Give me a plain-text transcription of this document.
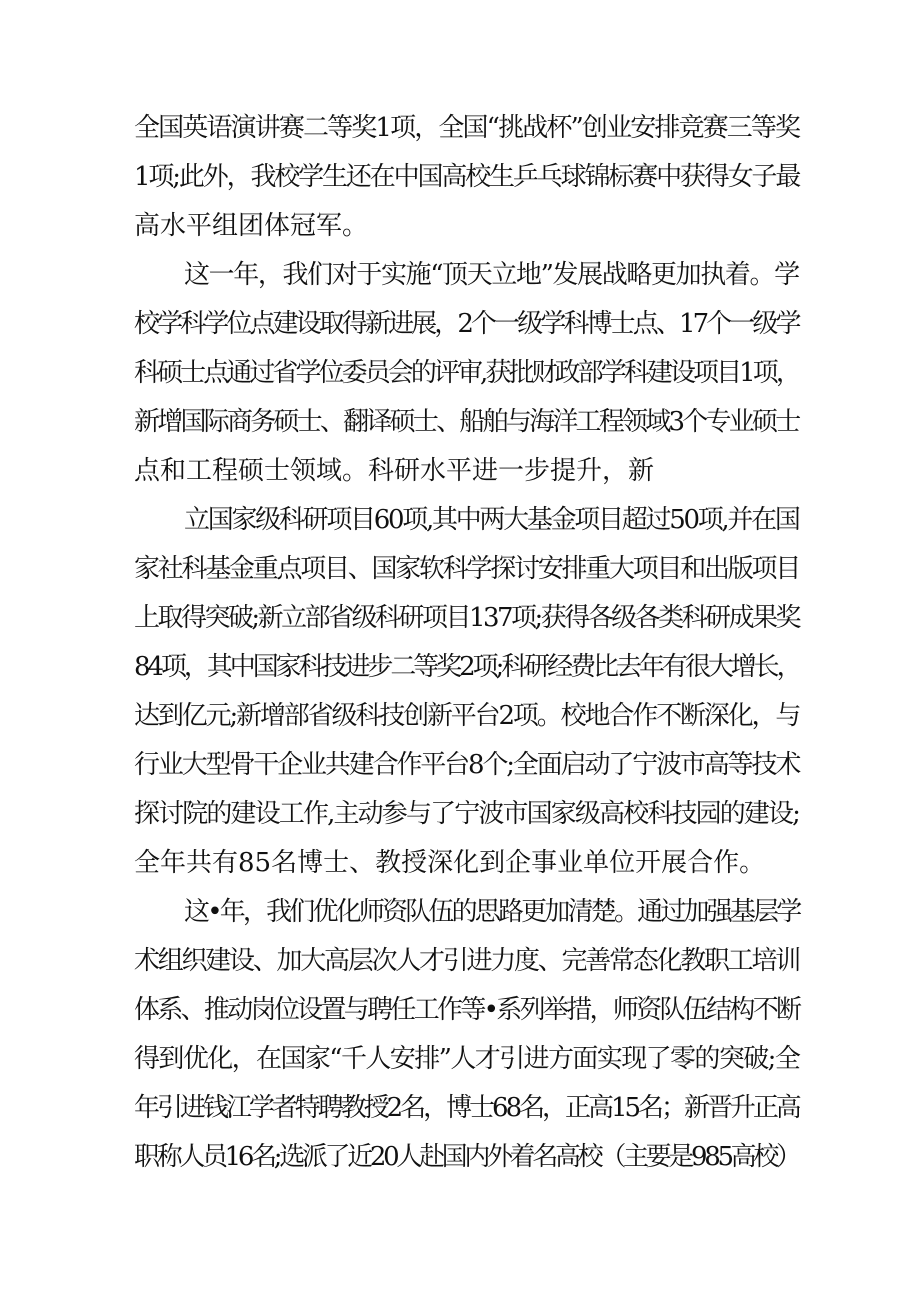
全国英语演讲赛二等奖1项，全国“挑战杯”创业安排竞赛三等奖
1项;此外，我校学生还在中国高校生乒乓球锦标赛中获得女子最
高水平组团体冠军。
这一年，我们对于实施“顶天立地”发展战略更加执着。学
校学科学位点建设取得新进展，2个一级学科博士点、17个一级学
科硕士点通过省学位委员会的评审,获批财政部学科建设项目1项，
新增国际商务硕士、翻译硕士、船舶与海洋工程领域3个专业硕士
点和工程硕士领域。科研水平进一步提升，新
立国家级科研项目60项,其中两大基金项目超过50项,并在国
家社科基金重点项目、国家软科学探讨安排重大项目和出版项目
上取得突破;新立部省级科研项目137项;获得各级各类科研成果奖
84项，其中国家科技进步二等奖2项;科研经费比去年有很大增长，
达到亿元;新增部省级科技创新平台2项。校地合作不断深化，与
行业大型骨干企业共建合作平台8个;全面启动了宁波市高等技术
探讨院的建设工作,主动参与了宁波市国家级高校科技园的建设;
全年共有85名博士、教授深化到企事业单位开展合作。
这•年，我们优化师资队伍的思路更加清楚。通过加强基层学
术组织建设、加大高层次人才引进力度、完善常态化教职工培训
体系、推动岗位设置与聘任工作等•系列举措，师资队伍结构不断
得到优化，在国家“千人安排”人才引进方面实现了零的突破;全
年引进钱江学者特聘教授2名，博士68名，正高15名；新晋升正高
职称人员16名;选派了近20人赴国内外着名高校（主要是985高校）
